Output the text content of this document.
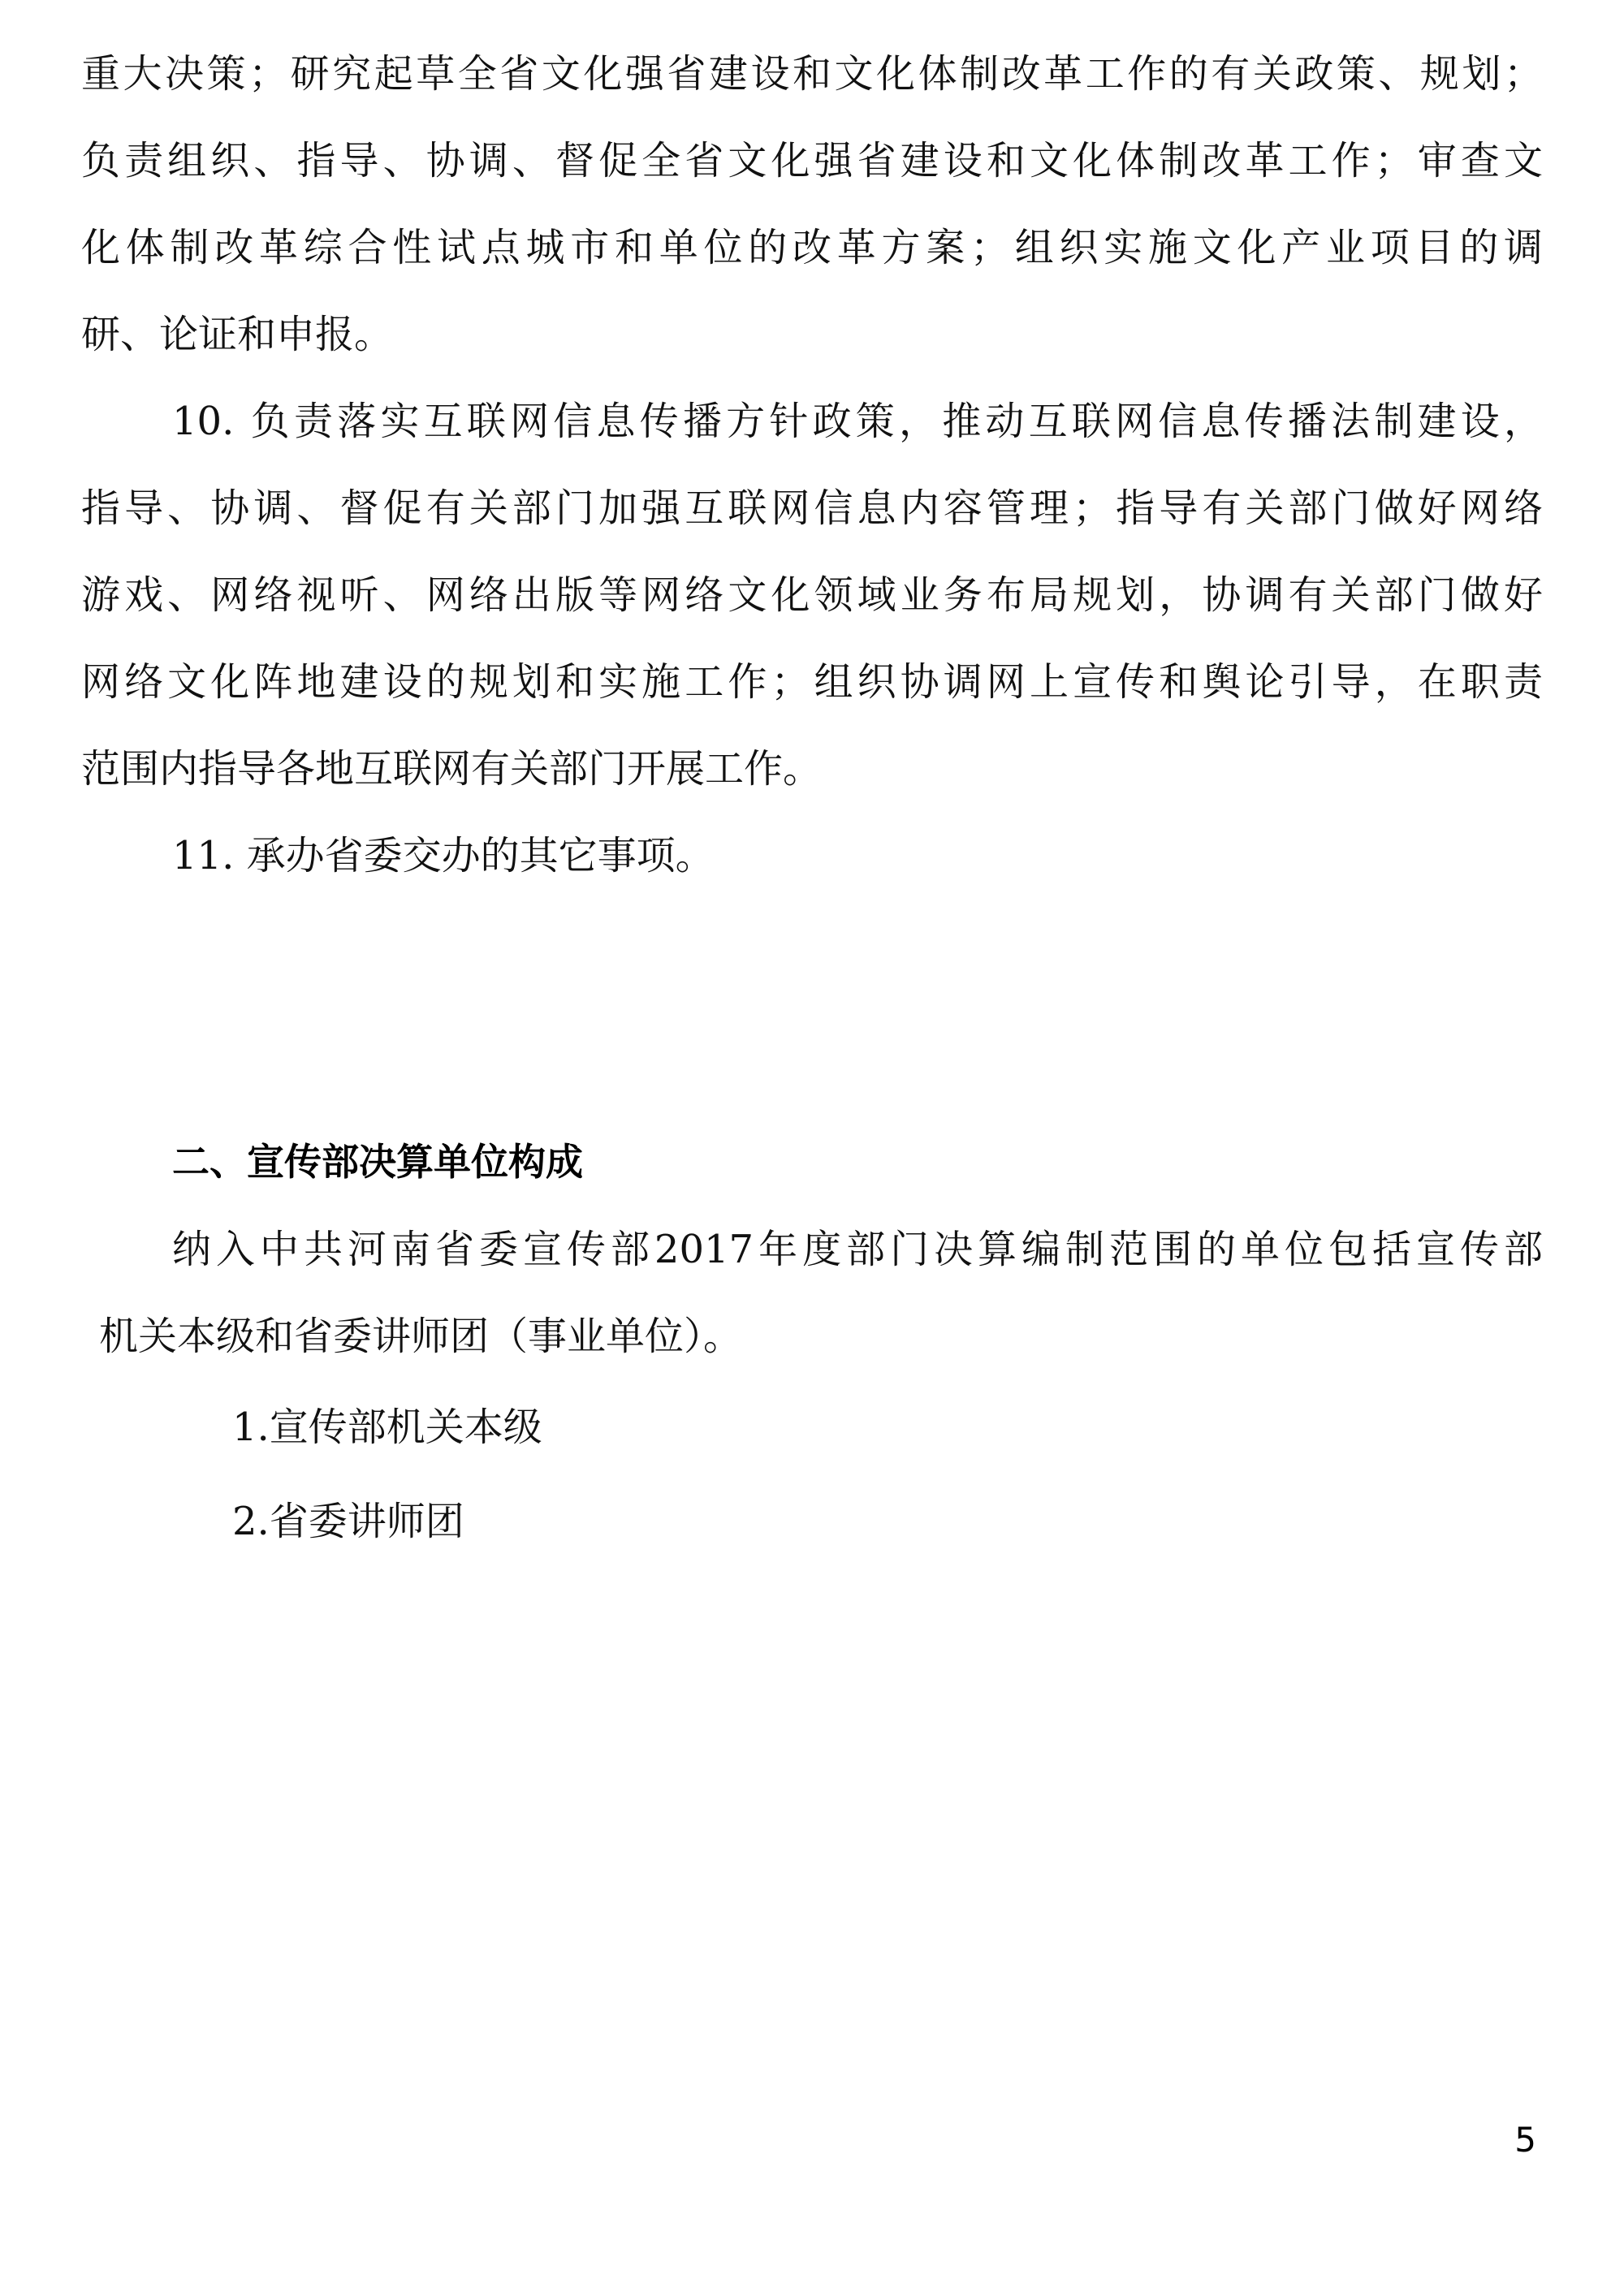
重大决策；研究起草全省文化强省建设和文化体制改革工作的有关政策、规划；
负责组织、指导、协调、督促全省文化强省建设和文化体制改革工作；审查文
化体制改革综合性试点城市和单位的改革方案；组织实施文化产业项目的调
研、论证和申报。
10. 负责落实互联网信息传播方针政策，推动互联网信息传播法制建设，
指导、协调、督促有关部门加强互联网信息内容管理；指导有关部门做好网络
游戏、网络视听、网络出版等网络文化领域业务布局规划，协调有关部门做好
网络文化阵地建设的规划和实施工作；组织协调网上宣传和舆论引导，在职责
范围内指导各地互联网有关部门开展工作。
11. 承办省委交办的其它事项。
二、宣传部决算单位构成
纳入中共河南省委宣传部2017年度部门决算编制范围的单位包括宣传部
机关本级和省委讲师团（事业单位）。
1.宣传部机关本级
2.省委讲师团
5
